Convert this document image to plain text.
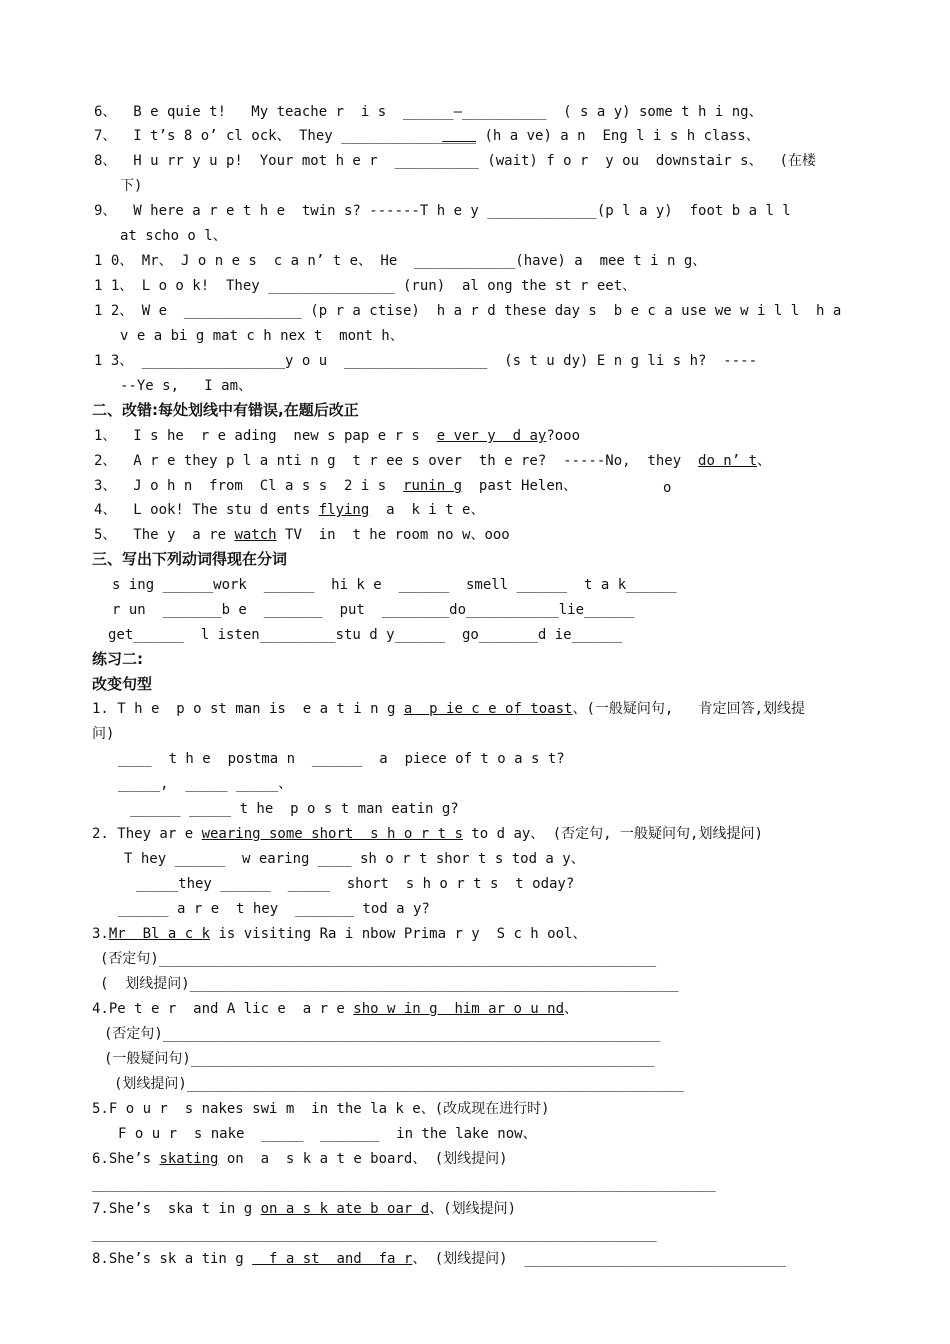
6、  B e quie t!   My teache r  i s  ______—__________  ( s a y) some t h i ng、
7、  I t’s 8 o’ cl ock、 They ________________ (h a ve) a n  Eng l i s h class、
8、  H u rr y u p!  Your mot h e r  __________ (wait) f o r  y ou  downstair s、  (在楼
下)
9、  W here a r e t h e  twin s? ------T h e y _____________(p l a y)  foot b a l l
at scho o l、
1 0、 Mr、 J o n e s  c a n’ t e、 He  ____________(have) a  mee t i n g、
1 1、 L o o k!  They _______________ (run)  al ong the st r eet、
1 2、 W e  ______________ (p r a ctise)  h a r d these day s  b e c a use we w i l l  h a
v e a bi g mat c h nex t  mont h、
1 3、 _________________y o u  _________________  (s t u dy) E n g li s h?  ----
--Ye s,   I am、
二、改错:每处划线中有错误,在题后改正
1、  I s he  r e ading  new s pap e r s  e ver y  d ay?ooo
2、  A r e they p l a nti n g  t r ee s over  th e re?  -----No,  they  do n’ t、
3、  J o h n  from  Cl a s s  2 i s  runin g  past Helen、	o
4、  L ook! The stu d ents flying  a  k i t e、
5、  The y  a re watch TV  in  t he room no w、ooo
三、写出下列动词得现在分词
s ing ______work  ______  hi k e  ______  smell ______  t a k______
r un  _______b e  _______  put  ________do___________lie______
get______  l isten_________stu d y______  go_______d ie______
练习二:
改变句型
1. T h e  p o st man is  e a t i n g a  p ie c e of toast、(一般疑问句,   肯定回答,划线提
问)
____  t h e  postma n  ______  a  piece of t o a s t?
_____,  _____ _____、
______ _____ t he  p o s t man eatin g?
2. They ar e wearing some short  s h o r t s to d ay、 (否定句, 一般疑问句,划线提问)
T hey ______  w earing ____ sh o r t shor t s tod a y、
_____they ______  _____  short  s h o r t s  t oday?
______ a r e  t hey  _______ tod a y?
3.Mr  Bl a c k is visiting Ra i nbow Prima r y  S c h ool、
(否定句)___________________________________________________________
(  划线提问)__________________________________________________________
4.Pe t e r  and A lic e  a r e sho w in g  him ar o u nd、
(否定句)___________________________________________________________
(一般疑问句)_______________________________________________________
(划线提问)___________________________________________________________
5.F o u r  s nakes swi m  in the la k e、(改成现在进行时)
F o u r  s nake  _____  _______  in the lake now、
6.She’s skating on  a  s k a t e board、 (划线提问)
__________________________________________________________________________
7.She’s  ska t in g on a s k ate b oar d、(划线提问)
___________________________________________________________________
8.She’s sk a tin g   f a st  and  fa r、 (划线提问)  _______________________________
